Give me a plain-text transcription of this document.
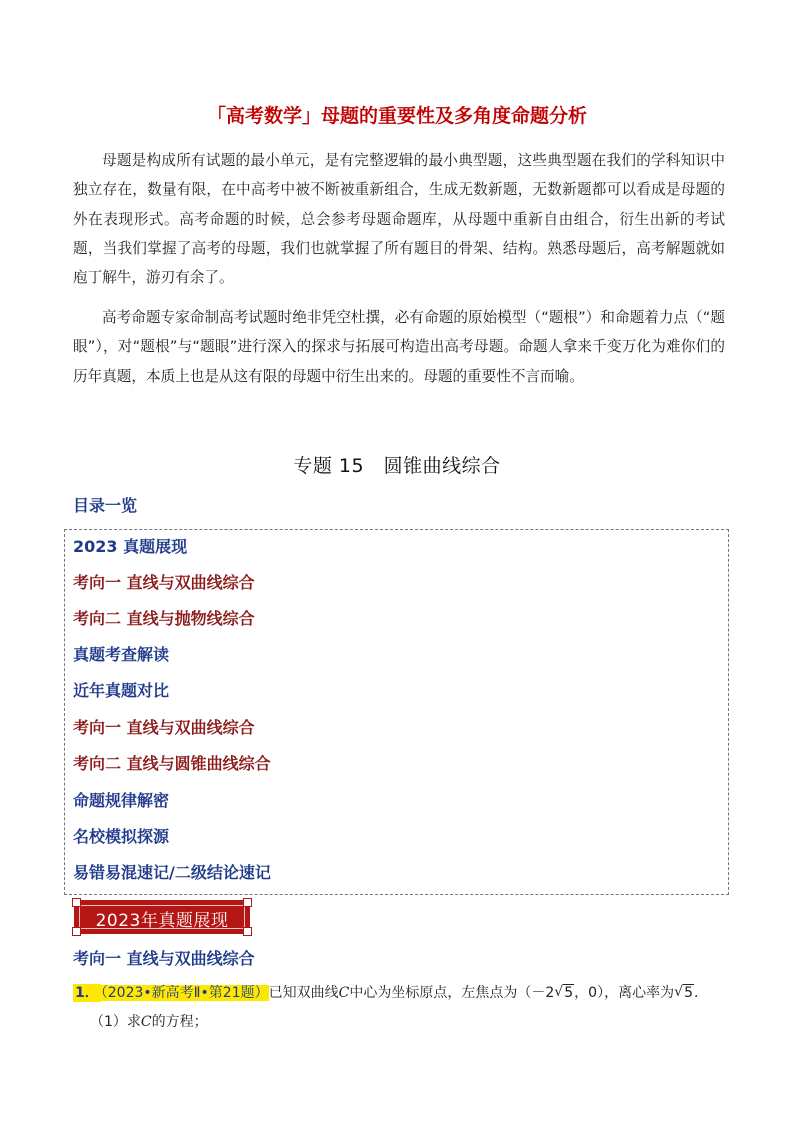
「高考数学」母题的重要性及多角度命题分析

母题是构成所有试题的最小单元，是有完整逻辑的最小典型题，这些典型题在我们的学科知识中独立存在，数量有限，在中高考中被不断被重新组合，生成无数新题，无数新题都可以看成是母题的外在表现形式。高考命题的时候，总会参考母题命题库，从母题中重新自由组合，衍生出新的考试题，当我们掌握了高考的母题，我们也就掌握了所有题目的骨架、结构。熟悉母题后，高考解题就如庖丁解牛，游刃有余了。

高考命题专家命制高考试题时绝非凭空杜撰，必有命题的原始模型（“题根”）和命题着力点（“题眼”），对“题根”与“题眼”进行深入的探求与拓展可构造出高考母题。命题人拿来千变万化为难你们的历年真题，本质上也是从这有限的母题中衍生出来的。母题的重要性不言而喻。

专题 15　圆锥曲线综合
目录一览
2023 真题展现
考向一 直线与双曲线综合
考向二 直线与抛物线综合
真题考查解读
近年真题对比
考向一 直线与双曲线综合
考向二 直线与圆锥曲线综合
命题规律解密
名校模拟探源
易错易混速记/二级结论速记
2023年真题展现
考向一 直线与双曲线综合
1． （2023•新高考Ⅱ•第21题）已知双曲线C中心为坐标原点，左焦点为（－2 √ 5，0），离心率为 √ 5．
（1）求C的方程；
